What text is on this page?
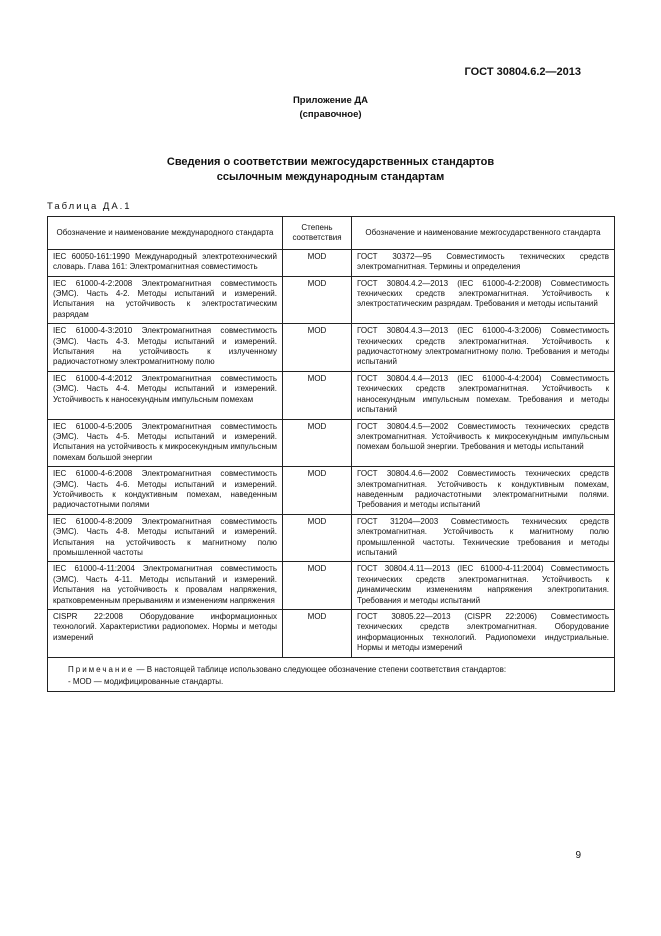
ГОСТ 30804.6.2—2013
Приложение ДА
(справочное)
Сведения о соответствии межгосударственных стандартов
ссылочным международным стандартам
Таблица ДА.1
Обозначение и наименование международного стандарта	Степень соответствия	Обозначение и наименование межгосударственного стандарта
IEC 60050-161:1990 Международный электротехнический словарь. Глава 161: Электромагнитная совместимость	MOD	ГОСТ 30372—95 Совместимость технических средств электромагнитная. Термины и определения
IEC 61000-4-2:2008 Электромагнитная совместимость (ЭМС). Часть 4-2. Методы испытаний и измерений. Испытания на устойчивость к электростатическим разрядам	MOD	ГОСТ 30804.4.2—2013 (IEC 61000-4-2:2008) Совместимость технических средств электромагнитная. Устойчивость к электростатическим разрядам. Требования и методы испытаний
IEC 61000-4-3:2010 Электромагнитная совместимость (ЭМС). Часть 4-3. Методы испытаний и измерений. Испытания на устойчивость к излученному радиочастотному электромагнитному полю	MOD	ГОСТ 30804.4.3—2013 (IEC 61000-4-3:2006) Совместимость технических средств электромагнитная. Устойчивость к радиочастотному электромагнитному полю. Требования и методы испытаний
IEC 61000-4-4:2012 Электромагнитная совместимость (ЭМС). Часть 4-4. Методы испытаний и измерений. Устойчивость к наносекундным импульсным помехам	MOD	ГОСТ 30804.4.4—2013 (IEC 61000-4-4:2004) Совместимость технических средств электромагнитная. Устойчивость к наносекундным импульсным помехам. Требования и методы испытаний
IEC 61000-4-5:2005 Электромагнитная совместимость (ЭМС). Часть 4-5. Методы испытаний и измерений. Испытания на устойчивость к микросекундным импульсным помехам большой энергии	MOD	ГОСТ 30804.4.5—2002 Совместимость технических средств электромагнитная. Устойчивость к микросекундным импульсным помехам большой энергии. Требования и методы испытаний
IEC 61000-4-6:2008 Электромагнитная совместимость (ЭМС). Часть 4-6. Методы испытаний и измерений. Устойчивость к кондуктивным помехам, наведенным радиочастотными полями	MOD	ГОСТ 30804.4.6—2002 Совместимость технических средств электромагнитная. Устойчивость к кондуктивным помехам, наведенным радиочастотными электромагнитными полями. Требования и методы испытаний
IEC 61000-4-8:2009 Электромагнитная совместимость (ЭМС). Часть 4-8. Методы испытаний и измерений. Испытания на устойчивость к магнитному полю промышленной частоты	MOD	ГОСТ 31204—2003 Совместимость технических средств электромагнитная. Устойчивость к магнитному полю промышленной частоты. Технические требования и методы испытаний
IEC 61000-4-11:2004 Электромагнитная совместимость (ЭМС). Часть 4-11. Методы испытаний и измерений. Испытания на устойчивость к провалам напряжения, кратковременным прерываниям и изменениям напряжения	MOD	ГОСТ 30804.4.11—2013 (IEC 61000-4-11:2004) Совместимость технических средств электромагнитная. Устойчивость к динамическим изменениям напряжения электропитания. Требования и методы испытаний
CISPR 22:2008 Оборудование информационных технологий. Характеристики радиопомех. Нормы и методы измерений	MOD	ГОСТ 30805.22—2013 (CISPR 22:2006) Совместимость технических средств электромагнитная. Оборудование информационных технологий. Радиопомехи индустриальные. Нормы и методы измерений

Примечание — В настоящей таблице использовано следующее обозначение степени соответствия стандартов:
- MOD — модифицированные стандарты.		
9
